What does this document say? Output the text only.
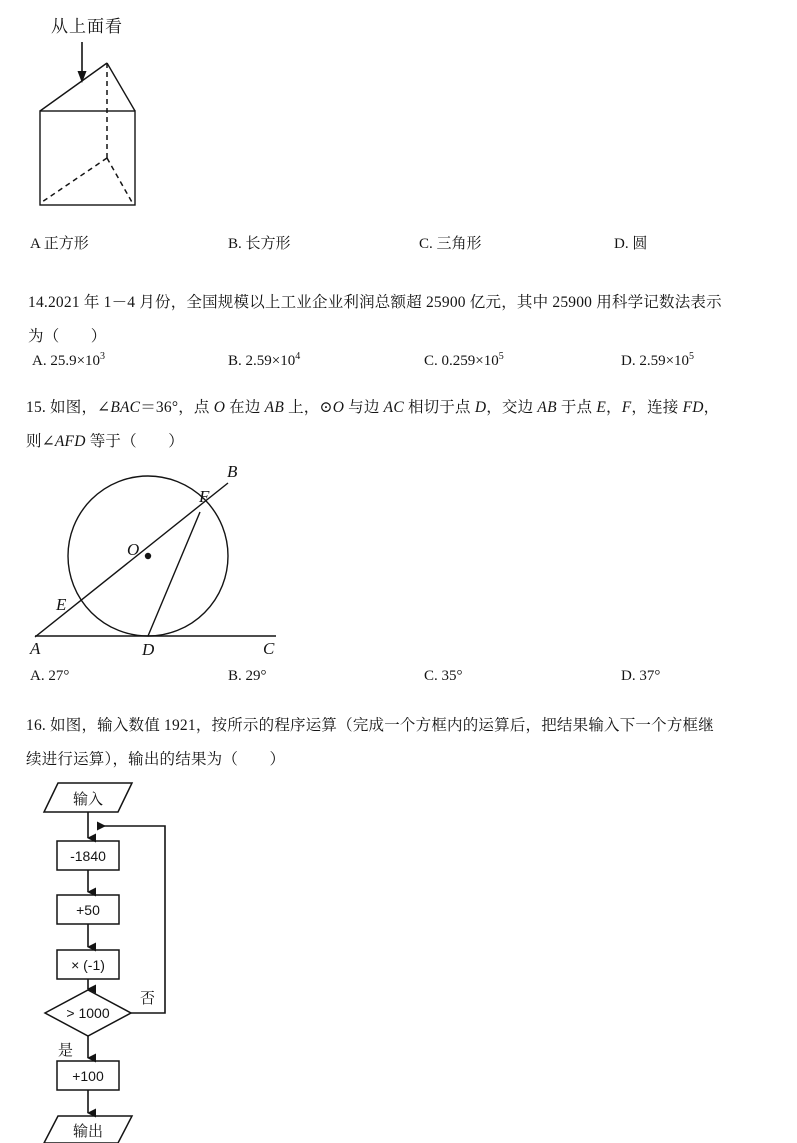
从上面看
A 正方形	B. 长方形	C. 三角形	D. 圆
14.2021 年 1－4 月份，全国规模以上工业企业利润总额超 25900 亿元，其中 25900 用科学记数法表示
为（　　）
A. $25.9\times 10^3$	B. $2.59\times 10^4$	C. $0.259\times 10^5$	D. $2.59\times 10^5$
15. 如图，∠BAC＝36°，点 O 在边 AB 上，⊙O 与边 AC 相切于点 D，交边 AB 于点 E，F，连接 FD，
则∠AFD 等于（　　）
A
B
C
D
E
F
O
A. 27°	B. 29°	C. 35°	D. 37°
16. 如图，输入数值 1921，按所示的程序运算（完成一个方框内的运算后，把结果输入下一个方框继
续进行运算），输出的结果为（　　）
输入
-1840
+50
× (-1)
> 1000
否
是
+100
输出
